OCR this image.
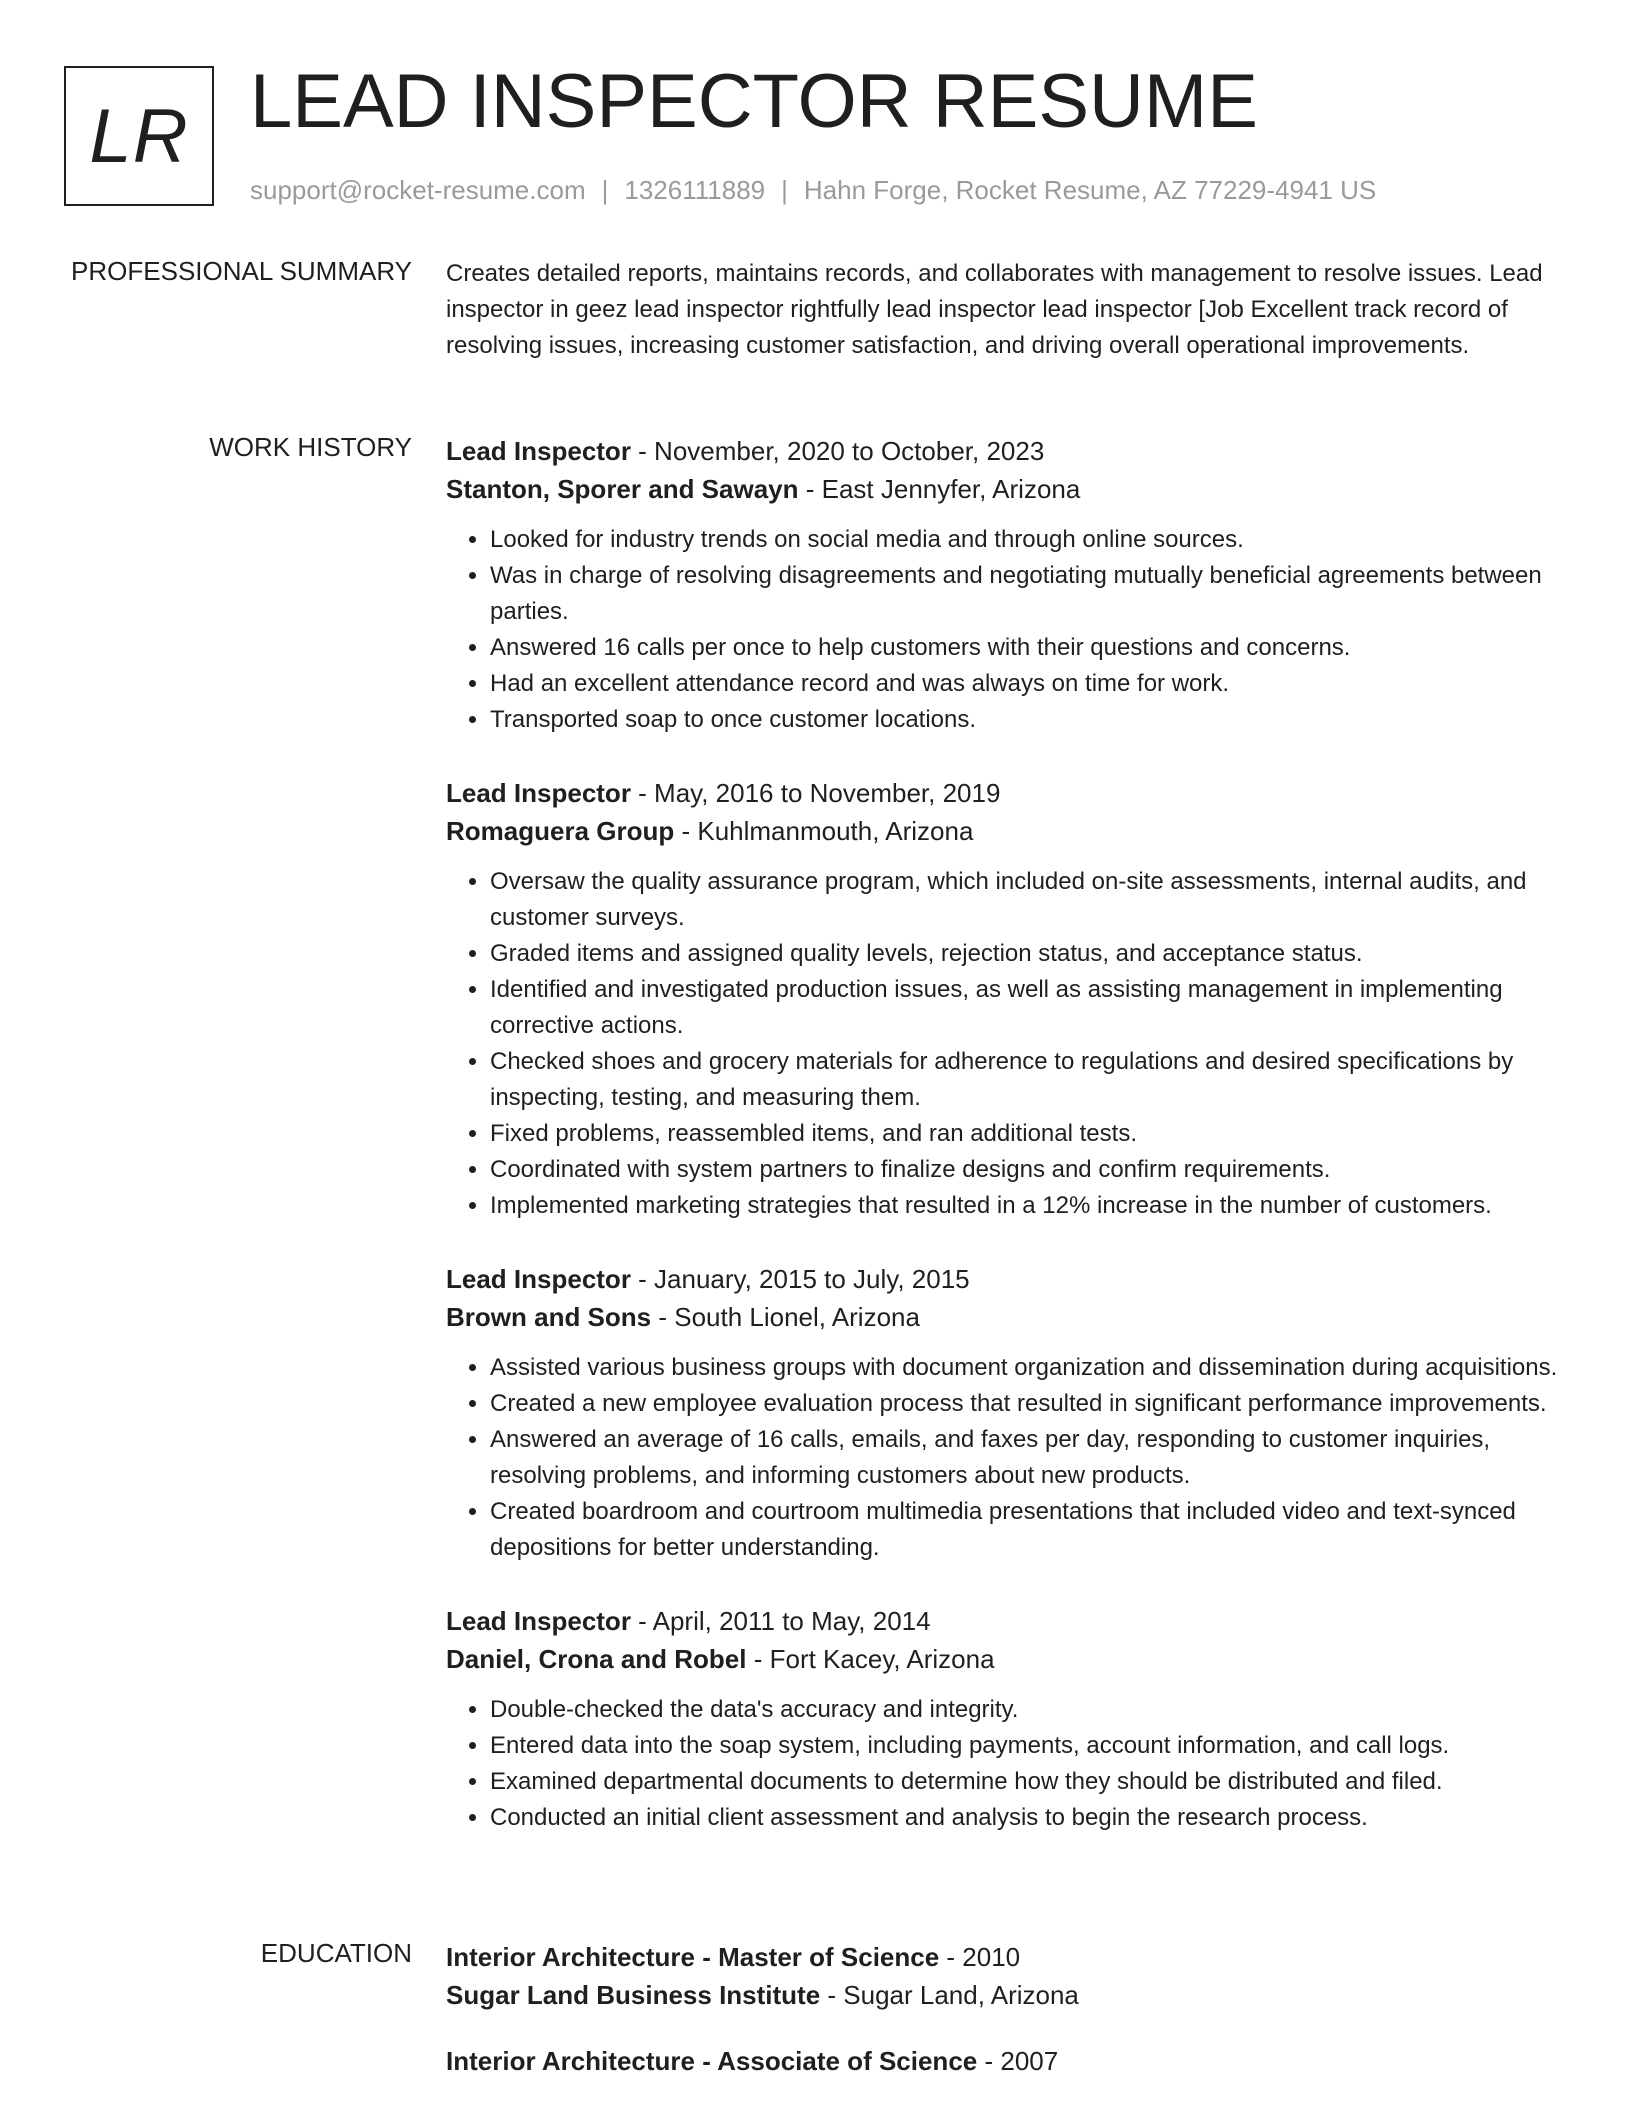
LR LEAD INSPECTOR RESUME
support@rocket-resume.com | 1326111889 | Hahn Forge, Rocket Resume, AZ 77229-4941 US
PROFESSIONAL SUMMARY Creates detailed reports, maintains records, and collaborates with management to resolve issues. Lead inspector in geez lead inspector rightfully lead inspector lead inspector [Job Excellent track record of resolving issues, increasing customer satisfaction, and driving overall operational improvements.

WORK HISTORY Lead Inspector - November, 2020 to October, 2023

Stanton, Sporer and Sawayn - East Jennyfer, Arizona

• Looked for industry trends on social media and through online sources.
• Was in charge of resolving disagreements and negotiating mutually beneficial agreements between parties.
• Answered 16 calls per once to help customers with their questions and concerns.
• Had an excellent attendance record and was always on time for work.
• Transported soap to once customer locations.

Lead Inspector - May, 2016 to November, 2019

Romaguera Group - Kuhlmanmouth, Arizona

• Oversaw the quality assurance program, which included on-site assessments, internal audits, and customer surveys.
• Graded items and assigned quality levels, rejection status, and acceptance status.
• Identified and investigated production issues, as well as assisting management in implementing corrective actions.
• Checked shoes and grocery materials for adherence to regulations and desired specifications by inspecting, testing, and measuring them.
• Fixed problems, reassembled items, and ran additional tests.
• Coordinated with system partners to finalize designs and confirm requirements.
• Implemented marketing strategies that resulted in a 12% increase in the number of customers.

Lead Inspector - January, 2015 to July, 2015

Brown and Sons - South Lionel, Arizona

• Assisted various business groups with document organization and dissemination during acquisitions.
• Created a new employee evaluation process that resulted in significant performance improvements.
• Answered an average of 16 calls, emails, and faxes per day, responding to customer inquiries, resolving problems, and informing customers about new products.
• Created boardroom and courtroom multimedia presentations that included video and text-synced depositions for better understanding.

Lead Inspector - April, 2011 to May, 2014

Daniel, Crona and Robel - Fort Kacey, Arizona

• Double-checked the data's accuracy and integrity.
• Entered data into the soap system, including payments, account information, and call logs.
• Examined departmental documents to determine how they should be distributed and filed.
• Conducted an initial client assessment and analysis to begin the research process.
EDUCATION Interior Architecture - Master of Science - 2010

Sugar Land Business Institute - Sugar Land, Arizona

Interior Architecture - Associate of Science - 2007
